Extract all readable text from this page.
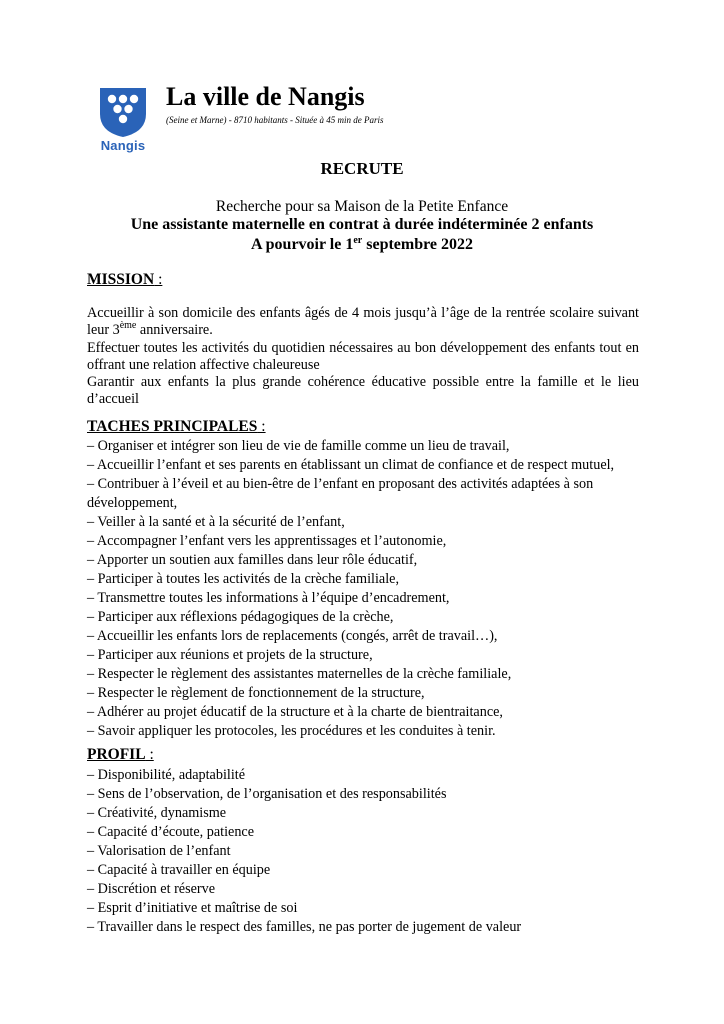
Nangis
La ville de Nangis
(Seine et Marne) - 8710 habitants - Située à 45 min de Paris
RECRUTE
Recherche pour sa Maison de la Petite Enfance
Une assistante maternelle en contrat à durée indéterminée 2 enfants
A pourvoir le 1er septembre 2022
MISSION :

Accueillir à son domicile des enfants âgés de 4 mois jusqu’à l’âge de la rentrée scolaire suivant leur 3ème anniversaire.

Effectuer toutes les activités du quotidien nécessaires au bon développement des enfants tout en offrant une relation affective chaleureuse

Garantir aux enfants la plus grande cohérence éducative possible entre la famille et le lieu d’accueil

TACHES PRINCIPALES :
– Organiser et intégrer son lieu de vie de famille comme un lieu de travail,
– Accueillir l’enfant et ses parents en établissant un climat de confiance et de respect mutuel,
– Contribuer à l’éveil et au bien-être de l’enfant en proposant des activités adaptées à son
développement,
– Veiller à la santé et à la sécurité de l’enfant,
– Accompagner l’enfant vers les apprentissages et l’autonomie,
– Apporter un soutien aux familles dans leur rôle éducatif,
– Participer à toutes les activités de la crèche familiale,
– Transmettre toutes les informations à l’équipe d’encadrement,
– Participer aux réflexions pédagogiques de la crèche,
– Accueillir les enfants lors de replacements (congés, arrêt de travail…),
– Participer aux réunions et projets de la structure,
– Respecter le règlement des assistantes maternelles de la crèche familiale,
– Respecter le règlement de fonctionnement de la structure,
– Adhérer au projet éducatif de la structure et à la charte de bientraitance,
– Savoir appliquer les protocoles, les procédures et les conduites à tenir.
PROFIL :
– Disponibilité, adaptabilité
– Sens de l’observation, de l’organisation et des responsabilités
– Créativité, dynamisme
– Capacité d’écoute, patience
– Valorisation de l’enfant
– Capacité à travailler en équipe
– Discrétion et réserve
– Esprit d’initiative et maîtrise de soi
– Travailler dans le respect des familles, ne pas porter de jugement de valeur
